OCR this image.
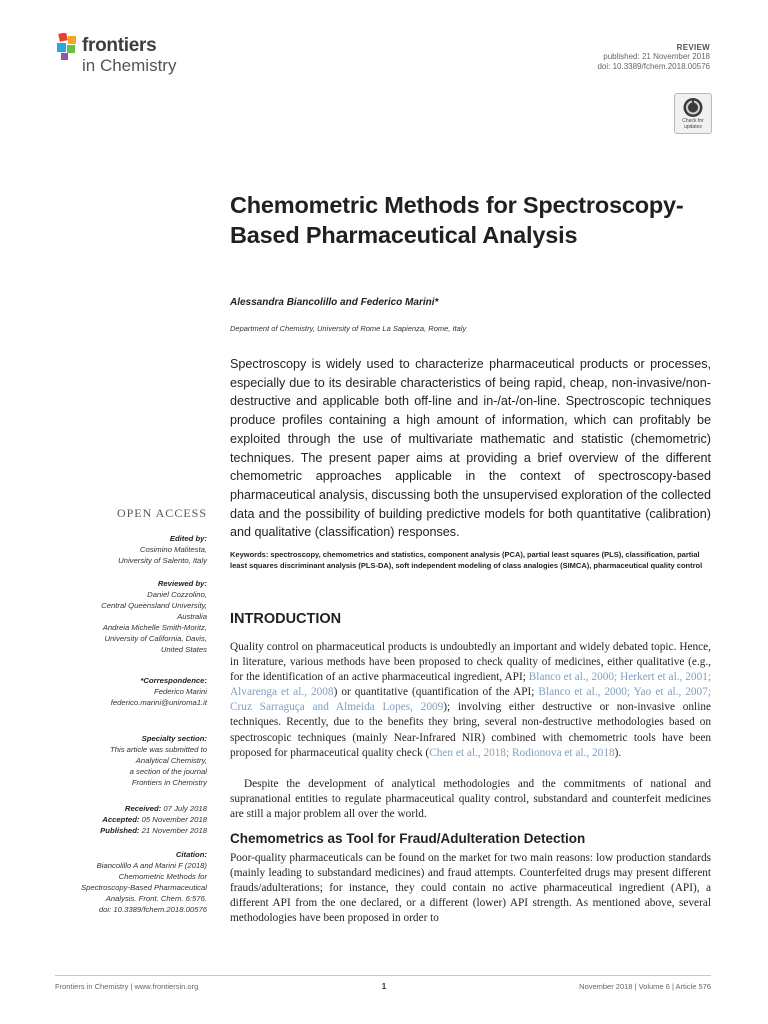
frontiers
in Chemistry
REVIEW
published: 21 November 2018
doi: 10.3389/fchem.2018.00576
Check for updates
Chemometric Methods for Spectroscopy-Based Pharmaceutical Analysis
Alessandra Biancolillo and Federico Marini*
Department of Chemistry, University of Rome La Sapienza, Rome, Italy
Spectroscopy is widely used to characterize pharmaceutical products or processes, especially due to its desirable characteristics of being rapid, cheap, non-invasive/non-destructive and applicable both off-line and in-/at-/on-line. Spectroscopic techniques produce profiles containing a high amount of information, which can profitably be exploited through the use of multivariate mathematic and statistic (chemometric) techniques. The present paper aims at providing a brief overview of the different chemometric approaches applicable in the context of spectroscopy-based pharmaceutical analysis, discussing both the unsupervised exploration of the collected data and the possibility of building predictive models for both quantitative (calibration) and qualitative (classification) responses.
Keywords: spectroscopy, chemometrics and statistics, component analysis (PCA), partial least squares (PLS), classification, partial least squares discriminant analysis (PLS-DA), soft independent modeling of class analogies (SIMCA), pharmaceutical quality control
INTRODUCTION
Quality control on pharmaceutical products is undoubtedly an important and widely debated topic. Hence, in literature, various methods have been proposed to check quality of medicines, either qualitative (e.g., for the identification of an active pharmaceutical ingredient, API; Blanco et al., 2000; Herkert et al., 2001; Alvarenga et al., 2008) or quantitative (quantification of the API; Blanco et al., 2000; Yao et al., 2007; Cruz Sarraguça and Almeida Lopes, 2009); involving either destructive or non-invasive online techniques. Recently, due to the benefits they bring, several non-destructive methodologies based on spectroscopic techniques (mainly Near-Infrared NIR) combined with chemometric tools have been proposed for pharmaceutical quality check (Chen et al., 2018; Rodionova et al., 2018).
Despite the development of analytical methodologies and the commitments of national and supranational entities to regulate pharmaceutical quality control, substandard and counterfeit medicines are still a major problem all over the world.
Chemometrics as Tool for Fraud/Adulteration Detection
Poor-quality pharmaceuticals can be found on the market for two main reasons: low production standards (mainly leading to substandard medicines) and fraud attempts. Counterfeited drugs may present different frauds/adulterations; for instance, they could contain no active pharmaceutical ingredient (API), a different API from the one declared, or a different (lower) API strength. As mentioned above, several methodologies have been proposed in order to
OPEN ACCESS
Edited by:
Cosimino Malitesta,
University of Salento, Italy
Reviewed by:
Daniel Cozzolino,
Central Queensland University,
Australia
Andreia Michelle Smith-Moritz,
University of California, Davis,
United States
*Correspondence:
Federico Marini
federico.marini@uniroma1.it
Specialty section:
This article was submitted to
Analytical Chemistry,
a section of the journal
Frontiers in Chemistry
Received: 07 July 2018
Accepted: 05 November 2018
Published: 21 November 2018
Citation:
Biancolillo A and Marini F (2018)
Chemometric Methods for
Spectroscopy-Based Pharmaceutical
Analysis. Front. Chem. 6:576.
doi: 10.3389/fchem.2018.00576
Frontiers in Chemistry | www.frontiersin.org	1	November 2018 | Volume 6 | Article 576
